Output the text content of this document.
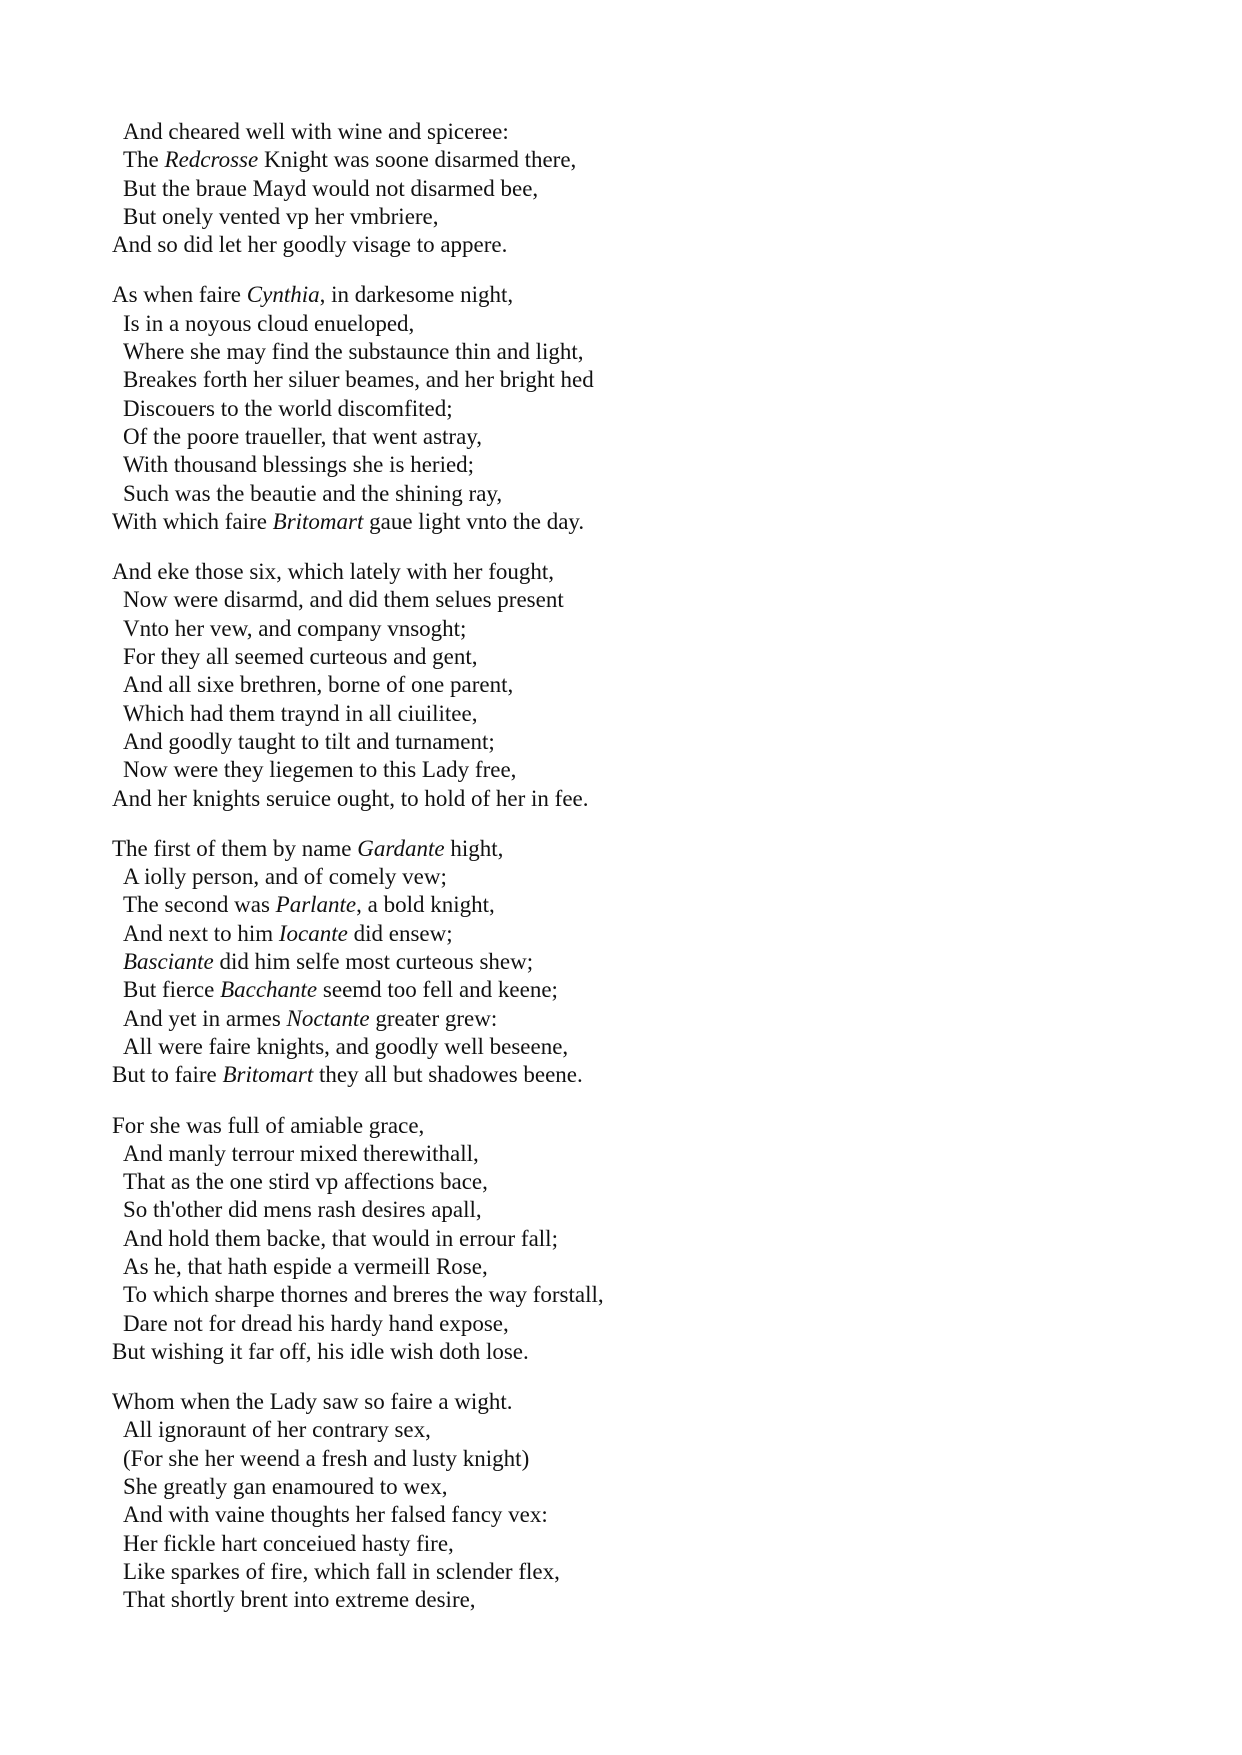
And cheared well with wine and spiceree:
The Redcrosse Knight was soone disarmed there,
But the braue Mayd would not disarmed bee,
But onely vented vp her vmbriere,
And so did let her goodly visage to appere.
As when faire Cynthia, in darkesome night,
Is in a noyous cloud enueloped,
Where she may find the substaunce thin and light,
Breakes forth her siluer beames, and her bright hed
Discouers to the world discomfited;
Of the poore traueller, that went astray,
With thousand blessings she is heried;
Such was the beautie and the shining ray,
With which faire Britomart gaue light vnto the day.
And eke those six, which lately with her fought,
Now were disarmd, and did them selues present
Vnto her vew, and company vnsoght;
For they all seemed curteous and gent,
And all sixe brethren, borne of one parent,
Which had them traynd in all ciuilitee,
And goodly taught to tilt and turnament;
Now were they liegemen to this Lady free,
And her knights seruice ought, to hold of her in fee.
The first of them by name Gardante hight,
A iolly person, and of comely vew;
The second was Parlante, a bold knight,
And next to him Iocante did ensew;
Basciante did him selfe most curteous shew;
But fierce Bacchante seemd too fell and keene;
And yet in armes Noctante greater grew:
All were faire knights, and goodly well beseene,
But to faire Britomart they all but shadowes beene.
For she was full of amiable grace,
And manly terrour mixed therewithall,
That as the one stird vp affections bace,
So th'other did mens rash desires apall,
And hold them backe, that would in errour fall;
As he, that hath espide a vermeill Rose,
To which sharpe thornes and breres the way forstall,
Dare not for dread his hardy hand expose,
But wishing it far off, his idle wish doth lose.
Whom when the Lady saw so faire a wight.
All ignoraunt of her contrary sex,
(For she her weend a fresh and lusty knight)
She greatly gan enamoured to wex,
And with vaine thoughts her falsed fancy vex:
Her fickle hart conceiued hasty fire,
Like sparkes of fire, which fall in sclender flex,
That shortly brent into extreme desire,
